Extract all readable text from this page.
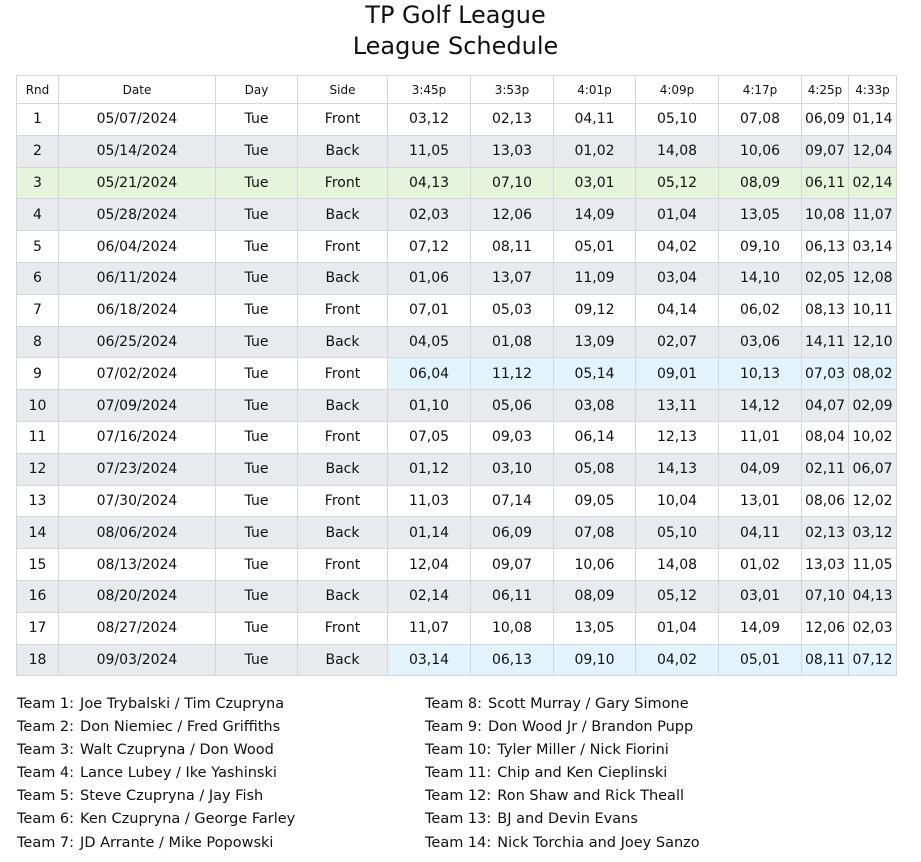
TP Golf League
League Schedule
Rnd	Date	Day	Side	3:45p	3:53p	4:01p	4:09p	4:17p	4:25p	4:33p
1	05/07/2024	Tue	Front	03,12	02,13	04,11	05,10	07,08	06,09	01,14
2	05/14/2024	Tue	Back	11,05	13,03	01,02	14,08	10,06	09,07	12,04
3	05/21/2024	Tue	Front	04,13	07,10	03,01	05,12	08,09	06,11	02,14
4	05/28/2024	Tue	Back	02,03	12,06	14,09	01,04	13,05	10,08	11,07
5	06/04/2024	Tue	Front	07,12	08,11	05,01	04,02	09,10	06,13	03,14
6	06/11/2024	Tue	Back	01,06	13,07	11,09	03,04	14,10	02,05	12,08
7	06/18/2024	Tue	Front	07,01	05,03	09,12	04,14	06,02	08,13	10,11
8	06/25/2024	Tue	Back	04,05	01,08	13,09	02,07	03,06	14,11	12,10
9	07/02/2024	Tue	Front	06,04	11,12	05,14	09,01	10,13	07,03	08,02
10	07/09/2024	Tue	Back	01,10	05,06	03,08	13,11	14,12	04,07	02,09
11	07/16/2024	Tue	Front	07,05	09,03	06,14	12,13	11,01	08,04	10,02
12	07/23/2024	Tue	Back	01,12	03,10	05,08	14,13	04,09	02,11	06,07
13	07/30/2024	Tue	Front	11,03	07,14	09,05	10,04	13,01	08,06	12,02
14	08/06/2024	Tue	Back	01,14	06,09	07,08	05,10	04,11	02,13	03,12
15	08/13/2024	Tue	Front	12,04	09,07	10,06	14,08	01,02	13,03	11,05
16	08/20/2024	Tue	Back	02,14	06,11	08,09	05,12	03,01	07,10	04,13
17	08/27/2024	Tue	Front	11,07	10,08	13,05	01,04	14,09	12,06	02,03
18	09/03/2024	Tue	Back	03,14	06,13	09,10	04,02	05,01	08,11	07,12
Team 1: Joe Trybalski / Tim Czupryna
Team 2: Don Niemiec / Fred Griffiths
Team 3: Walt Czupryna / Don Wood
Team 4: Lance Lubey / Ike Yashinski
Team 5: Steve Czupryna / Jay Fish
Team 6: Ken Czupryna / George Farley
Team 7: JD Arrante / Mike Popowski
Team 8: Scott Murray / Gary Simone
Team 9: Don Wood Jr / Brandon Pupp
Team 10: Tyler Miller / Nick Fiorini
Team 11: Chip and Ken Cieplinski
Team 12: Ron Shaw and Rick Theall
Team 13: BJ and Devin Evans
Team 14: Nick Torchia and Joey Sanzo
